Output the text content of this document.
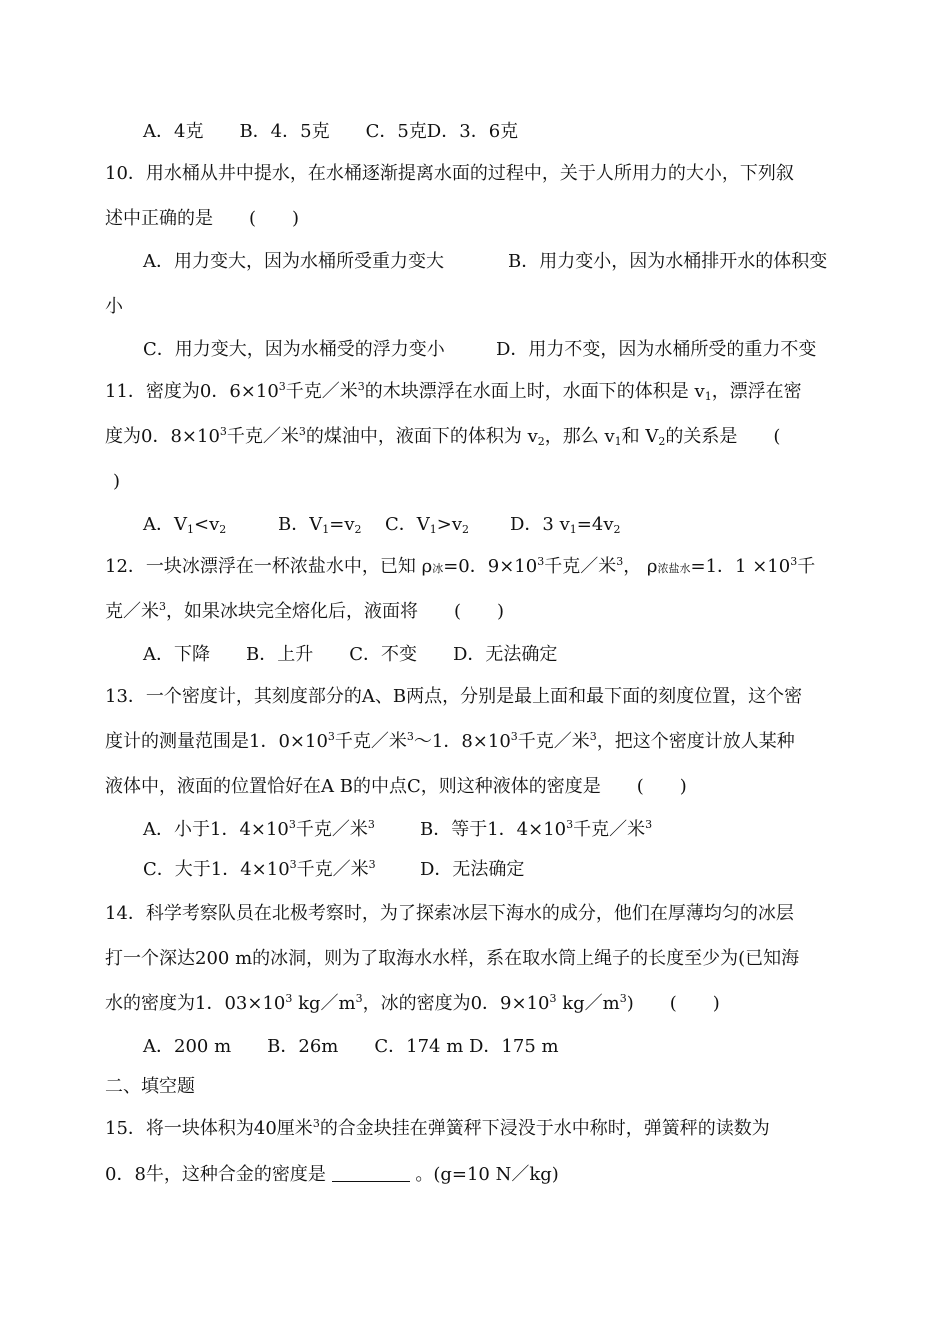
A．4克　　B．4．5克　　C．5克D．3．6克
10．用水桶从井中提水，在水桶逐渐提离水面的过程中，关于人所用力的大小，下列叙
述中正确的是　　(　　)
A．用力变大，因为水桶所受重力变大	B．用力变小，因为水桶排开水的体积变
小
C．用力变大，因为水桶受的浮力变小	D．用力不变，因为水桶所受的重力不变
11．密度为0．$6\times 10^3$千克／米$^3$的木块漂浮在水面上时，水面下的体积是 $v_1$，漂浮在密
度为0．$8\times 10^3$千克／米$^3$的煤油中，液面下的体积为 $v_2$，那么 $v_1$和 $V_2$的关系是　　(
)
A．$V_1<v_2$	B．$V_1=v_2$ C．$V_1>v_2$ D．3 $v_1=4v_2$
12．一块冰漂浮在一杯浓盐水中，已知 ρ冰=0．$9\times 10^3$千克／米$^3$， ρ浓盐水=1．$1 \times 10^3$千
克／米$^3$，如果冰块完全熔化后，液面将　　(　　)
A．下降　　B．上升　　C．不变　　D．无法确定
13．一个密度计，其刻度部分的A、B两点，分别是最上面和最下面的刻度位置，这个密
度计的测量范围是1．$0\times 10^3$千克／米$^3$～1．$8\times 10^3$千克／米$^3$，把这个密度计放人某种
液体中，液面的位置恰好在A B的中点C，则这种液体的密度是　　(　　)
A．小于1．$4\times 10^3$千克／米$^3$	B．等于1．$4\times 10^3$千克／米$^3$
C．大于1．$4\times 10^3$千克／米$^3$ D．无法确定
14．科学考察队员在北极考察时，为了探索冰层下海水的成分，他们在厚薄均匀的冰层
打一个深达200 m的冰洞，则为了取海水水样，系在取水筒上绳子的长度至少为(已知海
水的密度为1．$03\times 10^3$ $kg/m^3$，冰的密度为0．$9\times 10^3$ $kg/m^3$)　　(　　)
A．200 m　　B．26m　　C．174 m D．175 m
二、填空题
15．将一块体积为40厘米$^3$的合金块挂在弹簧秤下浸没于水中称时，弹簧秤的读数为
0．8牛，这种合金的密度是	。(g=10 N／kg)
